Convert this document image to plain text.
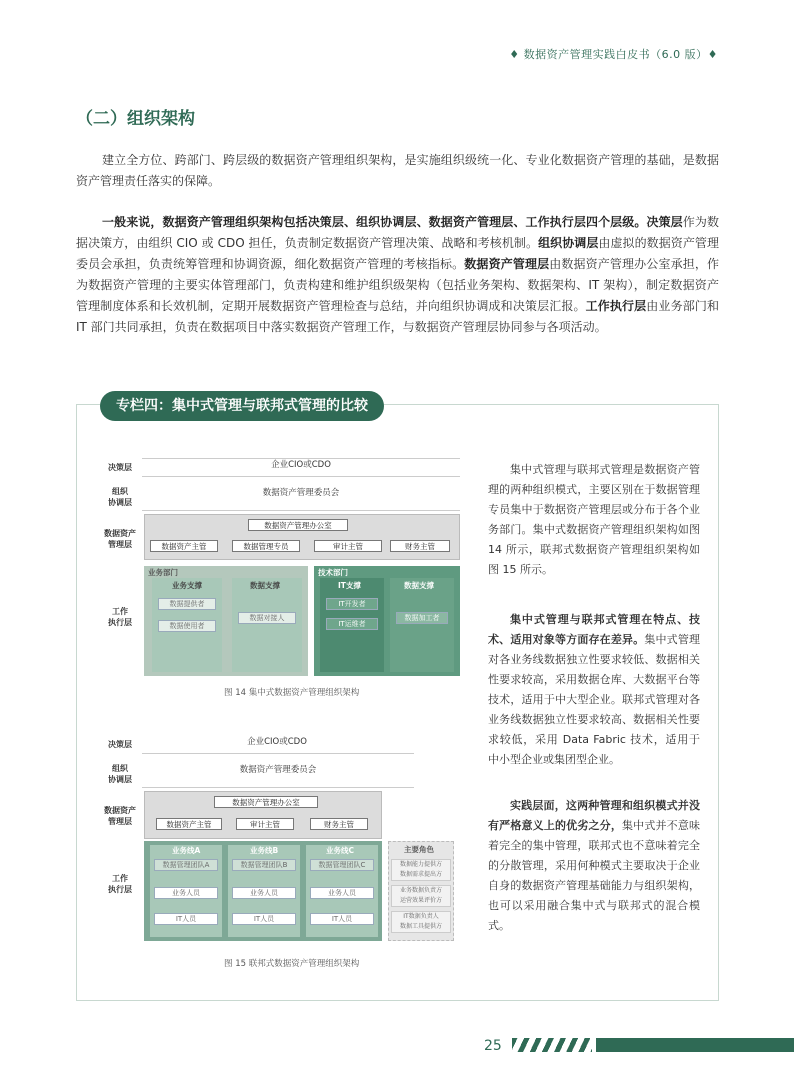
♦ 数据资产管理实践白皮书（6.0 版）♦
（二）组织架构
建立全方位、跨部门、跨层级的数据资产管理组织架构，是实施组织级统一化、专业化数据资产管理的基础，是数据资产管理责任落实的保障。
一般来说，数据资产管理组织架构包括决策层、组织协调层、数据资产管理层、工作执行层四个层级。决策层作为数据决策方，由组织 CIO 或 CDO 担任，负责制定数据资产管理决策、战略和考核机制。组织协调层由虚拟的数据资产管理委员会承担，负责统筹管理和协调资源，细化数据资产管理的考核指标。数据资产管理层由数据资产管理办公室承担，作为数据资产管理的主要实体管理部门，负责构建和维护组织级架构（包括业务架构、数据架构、IT 架构），制定数据资产管理制度体系和长效机制，定期开展数据资产管理检查与总结，并向组织协调成和决策层汇报。工作执行层由业务部门和 IT 部门共同承担，负责在数据项目中落实数据资产管理工作，与数据资产管理层协同参与各项活动。
专栏四：集中式管理与联邦式管理的比较
决策层	企业CIO或CDO
组织
协调层
数据资产管理委员会
数据资产
管理层
数据资产管理办公室
数据资产主管	数据管理专员	审计主管	财务主管
工作
执行层
业务部门
业务支撑
数据提供者
数据使用者
数据支撑
数据对接人
技术部门
IT支撑
IT开发者
IT运维者
数据支撑
数据加工者
图 14 集中式数据资产管理组织架构
决策层	企业CIO或CDO
组织
协调层
数据资产管理委员会
数据资产
管理层
数据资产管理办公室
数据资产主管	审计主管	财务主管
工作
执行层
业务线A
数据管理团队A
业务人员
IT人员
业务线B
数据管理团队B
业务人员
IT人员
业务线C
数据管理团队C
业务人员
IT人员
主要角色
数据能力提供方
数据需求提出方
业务数据负责方
运营效果评价方
IT数据负责人
数据工具提供方
图 15 联邦式数据资产管理组织架构
集中式管理与联邦式管理是数据资产管理的两种组织模式，主要区别在于数据管理专员集中于数据资产管理层或分布于各个业务部门。集中式数据资产管理组织架构如图 14 所示，联邦式数据资产管理组织架构如图 15 所示。
集中式管理与联邦式管理在特点、技术、适用对象等方面存在差异。集中式管理对各业务线数据独立性要求较低、数据相关性要求较高，采用数据仓库、大数据平台等技术，适用于中大型企业。联邦式管理对各业务线数据独立性要求较高、数据相关性要求较低，采用 Data Fabric 技术，适用于中小型企业或集团型企业。
实践层面，这两种管理和组织模式并没有严格意义上的优劣之分，集中式并不意味着完全的集中管理，联邦式也不意味着完全的分散管理，采用何种模式主要取决于企业自身的数据资产管理基础能力与组织架构，也可以采用融合集中式与联邦式的混合模式。
25
